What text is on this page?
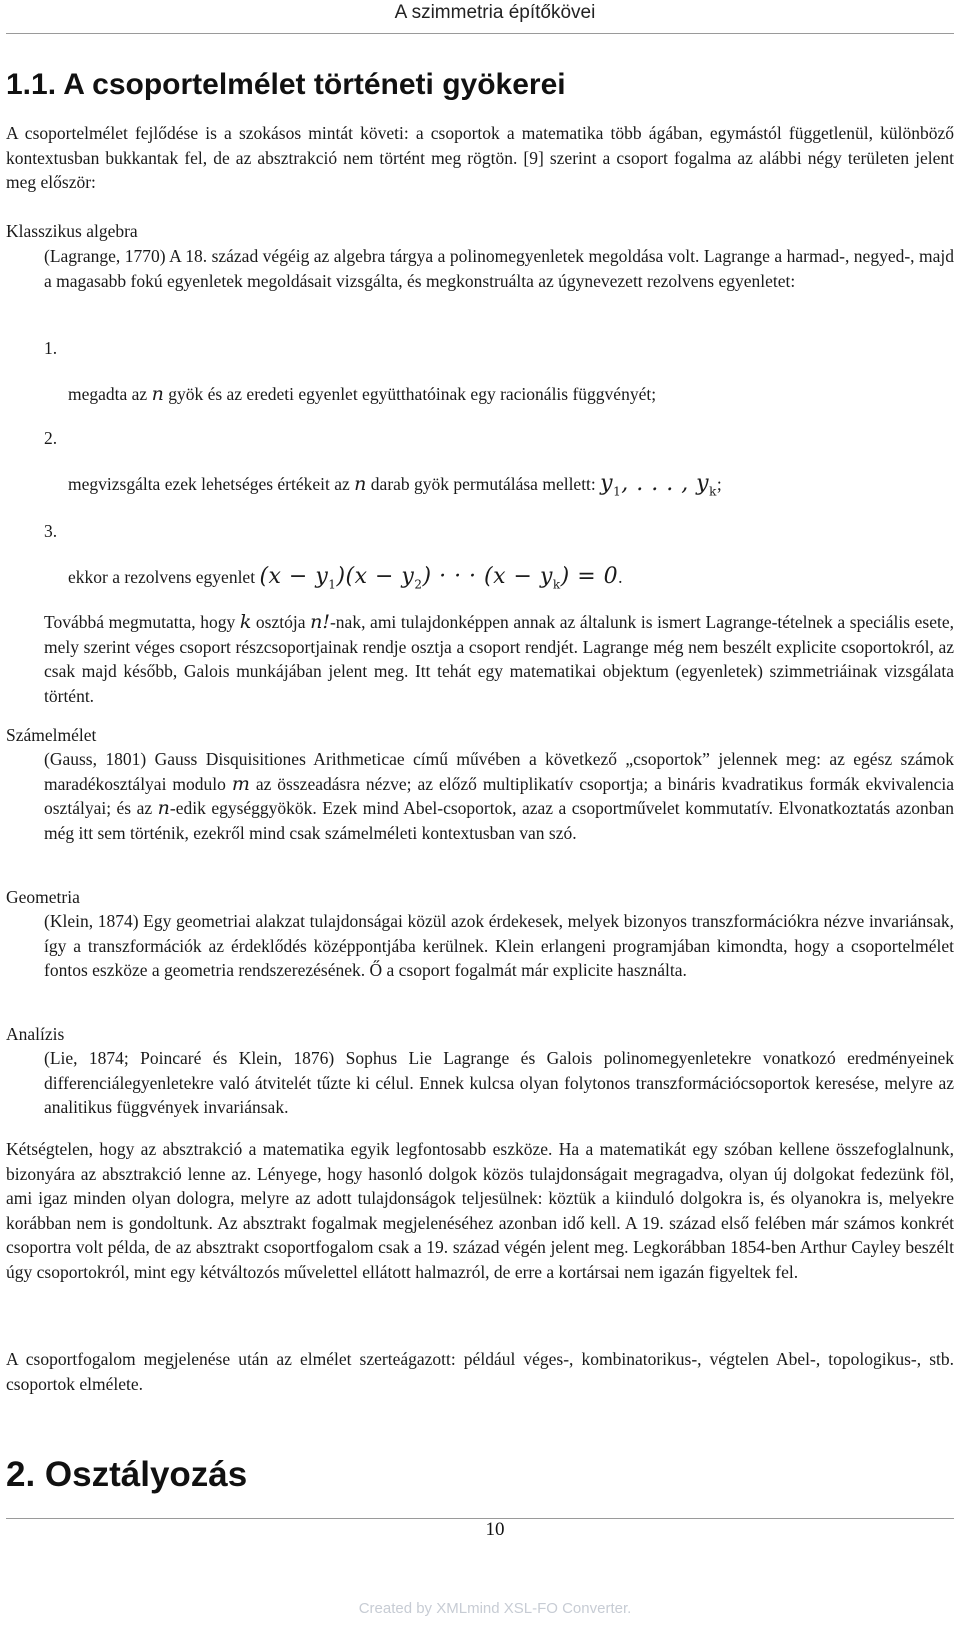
A szimmetria építőkövei
1.1. A csoportelmélet történeti gyökerei

A csoportelmélet fejlődése is a szokásos mintát követi: a csoportok a matematika több ágában, egymástól függetlenül, különböző kontextusban bukkantak fel, de az absztrakció nem történt meg rögtön. [9] szerint a csoport fogalma az alábbi négy területen jelent meg először:

Klasszikus algebra

(Lagrange, 1770) A 18. század végéig az algebra tárgya a polinomegyenletek megoldása volt. Lagrange a harmad-, negyed-, majd a magasabb fokú egyenletek megoldásait vizsgálta, és megkonstruálta az úgynevezett rezolvens egyenletet:

1.
megadta az n gyök és az eredeti egyenlet együtthatóinak egy racionális függvényét;
2.
megvizsgálta ezek lehetséges értékeit az n darab gyök permutálása mellett: $y_1$, . . . , $y_k$;
3.
ekkor a rezolvens egyenlet $(x - y_1)(x - y_2)$ · · · $(x - y_k) = 0$.

Továbbá megmutatta, hogy k osztója n!-nak, ami tulajdonképpen annak az általunk is ismert Lagrange-tételnek a speciális esete, mely szerint véges csoport részcsoportjainak rendje osztja a csoport rendjét. Lagrange még nem beszélt explicite csoportokról, az csak majd később, Galois munkájában jelent meg. Itt tehát egy matematikai objektum (egyenletek) szimmetriáinak vizsgálata történt.

Számelmélet

(Gauss, 1801) Gauss Disquisitiones Arithmeticae című művében a következő „csoportok” jelennek meg: az egész számok maradékosztályai modulo m az összeadásra nézve; az előző multiplikatív csoportja; a bináris kvadratikus formák ekvivalencia osztályai; és az n-edik egységgyökök. Ezek mind Abel-csoportok, azaz a csoportművelet kommutatív. Elvonatkoztatás azonban még itt sem történik, ezekről mind csak számelméleti kontextusban van szó.

Geometria

(Klein, 1874) Egy geometriai alakzat tulajdonságai közül azok érdekesek, melyek bizonyos transzformációkra nézve invariánsak, így a transzformációk az érdeklődés középpontjába kerülnek. Klein erlangeni programjában kimondta, hogy a csoportelmélet fontos eszköze a geometria rendszerezésének. Ő a csoport fogalmát már explicite használta.

Analízis

(Lie, 1874; Poincaré és Klein, 1876) Sophus Lie Lagrange és Galois polinomegyenletekre vonatkozó eredményeinek differenciálegyenletekre való átvitelét tűzte ki célul. Ennek kulcsa olyan folytonos transzformációcsoportok keresése, melyre az analitikus függvények invariánsak.

Kétségtelen, hogy az absztrakció a matematika egyik legfontosabb eszköze. Ha a matematikát egy szóban kellene összefoglalnunk, bizonyára az absztrakció lenne az. Lényege, hogy hasonló dolgok közös tulajdonságait megragadva, olyan új dolgokat fedezünk föl, ami igaz minden olyan dologra, melyre az adott tulajdonságok teljesülnek: köztük a kiinduló dolgokra is, és olyanokra is, melyekre korábban nem is gondoltunk. Az absztrakt fogalmak megjelenéséhez azonban idő kell. A 19. század első felében már számos konkrét csoportra volt példa, de az absztrakt csoportfogalom csak a 19. század végén jelent meg. Legkorábban 1854-ben Arthur Cayley beszélt úgy csoportokról, mint egy kétváltozós művelettel ellátott halmazról, de erre a kortársai nem igazán figyeltek fel.

A csoportfogalom megjelenése után az elmélet szerteágazott: például véges-, kombinatorikus-, végtelen Abel-, topologikus-, stb. csoportok elmélete.

2. Osztályozás
10
Created by XMLmind XSL-FO Converter.
